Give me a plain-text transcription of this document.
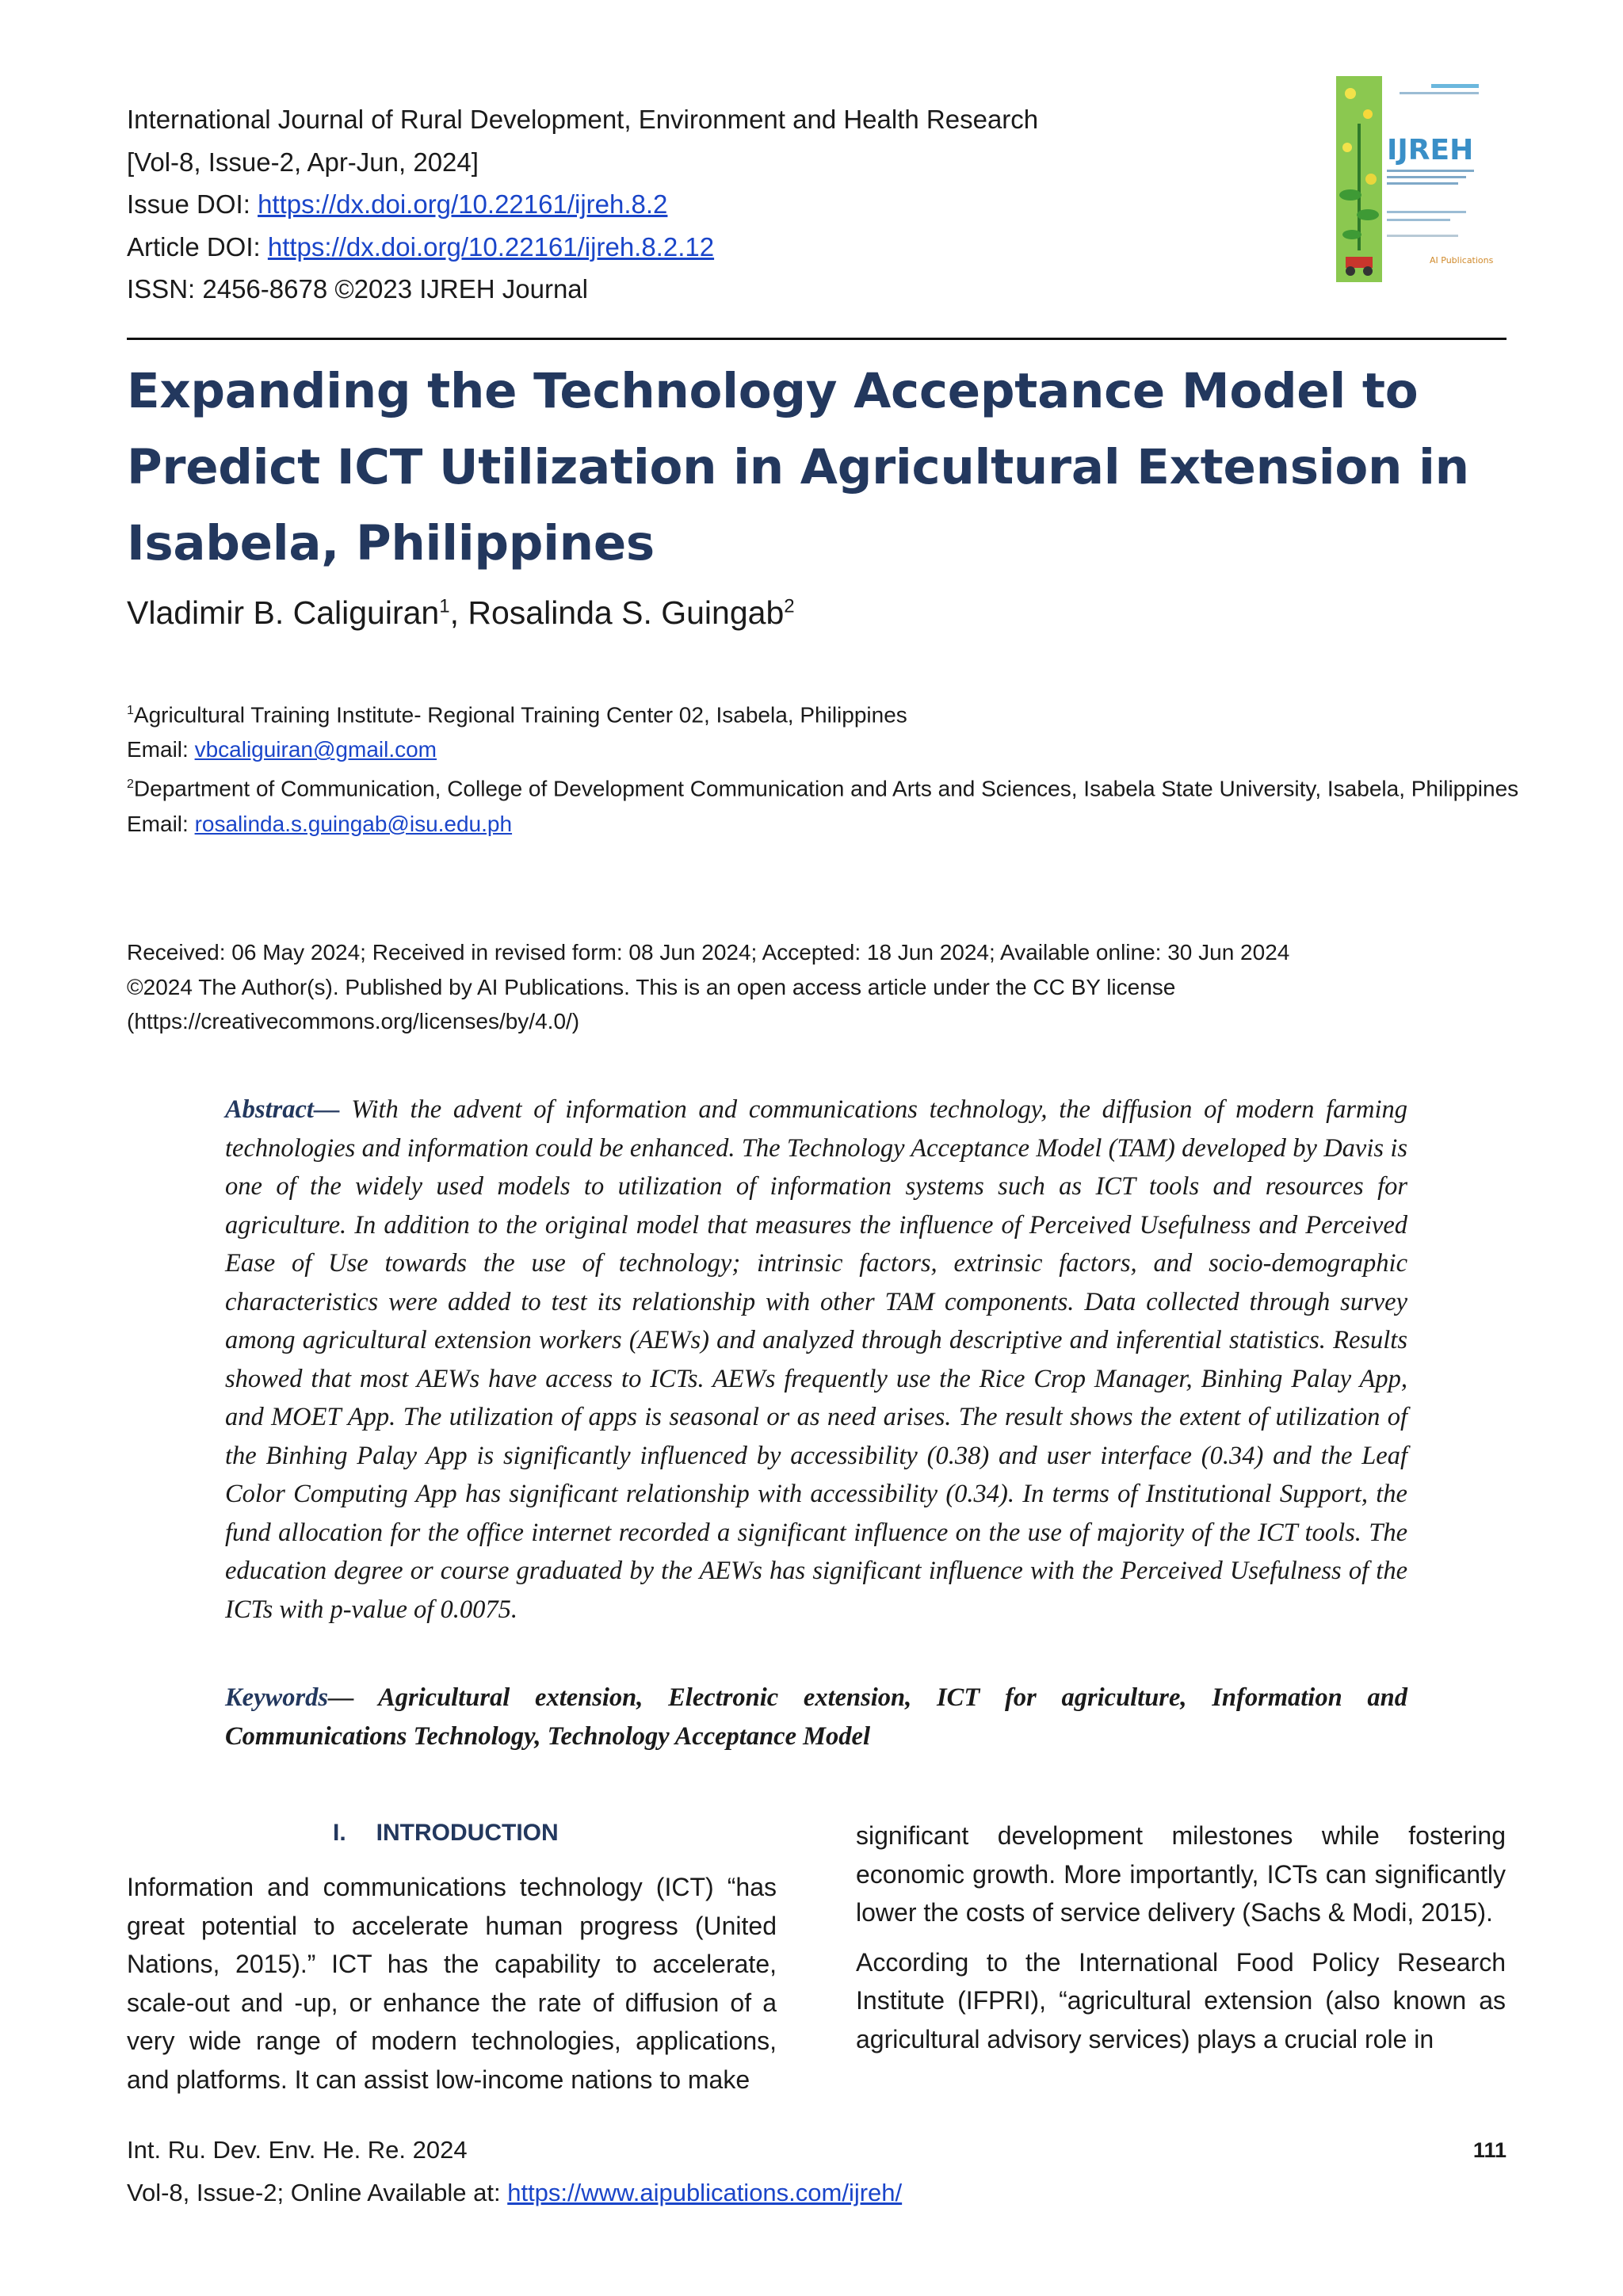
International Journal of Rural Development, Environment and Health Research
[Vol-8, Issue-2, Apr-Jun, 2024]
Issue DOI: https://dx.doi.org/10.22161/ijreh.8.2
Article DOI: https://dx.doi.org/10.22161/ijreh.8.2.12
ISSN: 2456-8678 ©2023 IJREH Journal
IJREH
AI Publications
Expanding the Technology Acceptance Model to Predict ICT Utilization in Agricultural Extension in Isabela, Philippines
Vladimir B. Caliguiran$^1$, Rosalinda S. Guingab$^2$
$^1$Agricultural Training Institute- Regional Training Center 02, Isabela, Philippines
Email: vbcaliguiran@gmail.com
$^2$Department of Communication, College of Development Communication and Arts and Sciences, Isabela State University, Isabela, Philippines
Email: rosalinda.s.guingab@isu.edu.ph
Received: 06 May 2024; Received in revised form: 08 Jun 2024; Accepted: 18 Jun 2024; Available online: 30 Jun 2024
©2024 The Author(s). Published by AI Publications. This is an open access article under the CC BY license
(https://creativecommons.org/licenses/by/4.0/)

Abstract— With the advent of information and communications technology, the diffusion of modern farming technologies and information could be enhanced. The Technology Acceptance Model (TAM) developed by Davis is one of the widely used models to utilization of information systems such as ICT tools and resources for agriculture. In addition to the original model that measures the influence of Perceived Usefulness and Perceived Ease of Use towards the use of technology; intrinsic factors, extrinsic factors, and socio-demographic characteristics were added to test its relationship with other TAM components. Data collected through survey among agricultural extension workers (AEWs) and analyzed through descriptive and inferential statistics. Results showed that most AEWs have access to ICTs. AEWs frequently use the Rice Crop Manager, Binhing Palay App, and MOET App. The utilization of apps is seasonal or as need arises. The result shows the extent of utilization of the Binhing Palay App is significantly influenced by accessibility (0.38) and user interface (0.34) and the Leaf Color Computing App has significant relationship with accessibility (0.34). In terms of Institutional Support, the fund allocation for the office internet recorded a significant influence on the use of majority of the ICT tools. The education degree or course graduated by the AEWs has significant influence with the Perceived Usefulness of the ICTs with p-value of 0.0075.

Keywords— Agricultural extension, Electronic extension, ICT for agriculture, Information and Communications Technology, Technology Acceptance Model

I. INTRODUCTION

Information and communications technology (ICT) “has great potential to accelerate human progress (United Nations, 2015).” ICT has the capability to accelerate, scale-out and -up, or enhance the rate of diffusion of a very wide range of modern technologies, applications, and platforms. It can assist low-income nations to make

significant development milestones while fostering economic growth. More importantly, ICTs can significantly lower the costs of service delivery (Sachs & Modi, 2015).

According to the International Food Policy Research Institute (IFPRI), “agricultural extension (also known as agricultural advisory services) plays a crucial role in

Int. Ru. Dev. Env. He. Re. 2024
Vol-8, Issue-2; Online Available at: https://www.aipublications.com/ijreh/
111
